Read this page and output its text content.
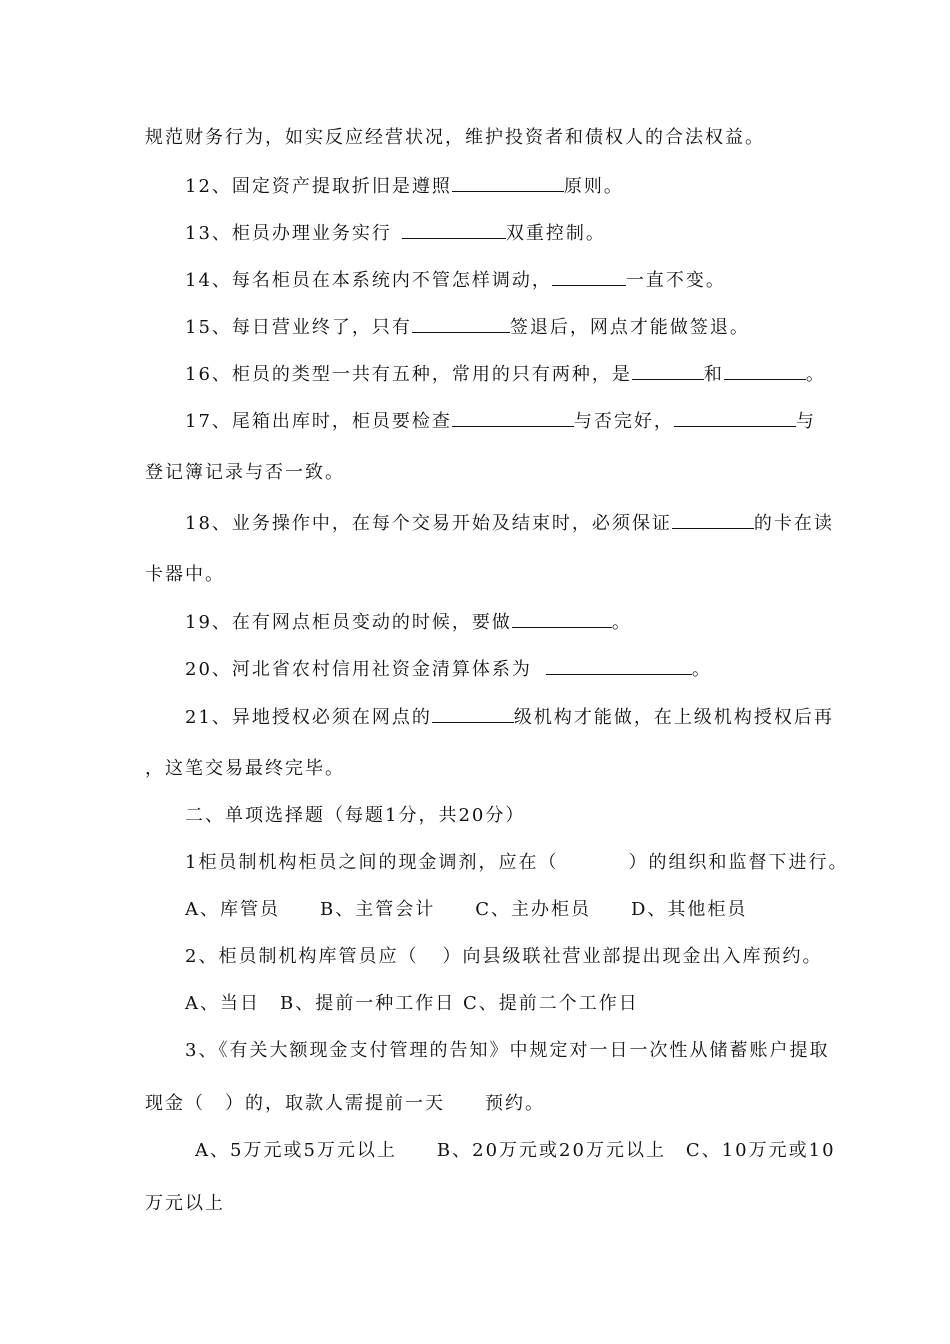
规范财务行为，如实反应经营状况，维护投资者和债权人的合法权益。
12、固定资产提取折旧是遵照	原则。
13、柜员办理业务实行	双重控制。
14、每名柜员在本系统内不管怎样调动，	一直不变。
15、每日营业终了，只有	签退后，网点才能做签退。
16、柜员的类型一共有五种，常用的只有两种，是	和	。
17、尾箱出库时，柜员要检查	与否完好，	与
登记簿记录与否一致。
18、业务操作中，在每个交易开始及结束时，必须保证	的卡在读
卡器中。
19、在有网点柜员变动的时候，要做	。
20、河北省农村信用社资金清算体系为	。
21、异地授权必须在网点的	级机构才能做，在上级机构授权后再
，这笔交易最终完毕。
二、单项选择题（每题1分，共20分）
1柜员制机构柜员之间的现金调剂，应在（	）的组织和监督下进行。
A、库管员　　B、主管会计　　C、主办柜员　　D、其他柜员
2、柜员制机构库管员应（ ）向县级联社营业部提出现金出入库预约。
A、当日　B、提前一种工作日 C、提前二个工作日
3、《有关大额现金支付管理的告知》中规定对一日一次性从储蓄账户提取
现金（　）的，取款人需提前一天　　预约。
A、5万元或5万元以上　　B、20万元或20万元以上　C、10万元或10
万元以上
